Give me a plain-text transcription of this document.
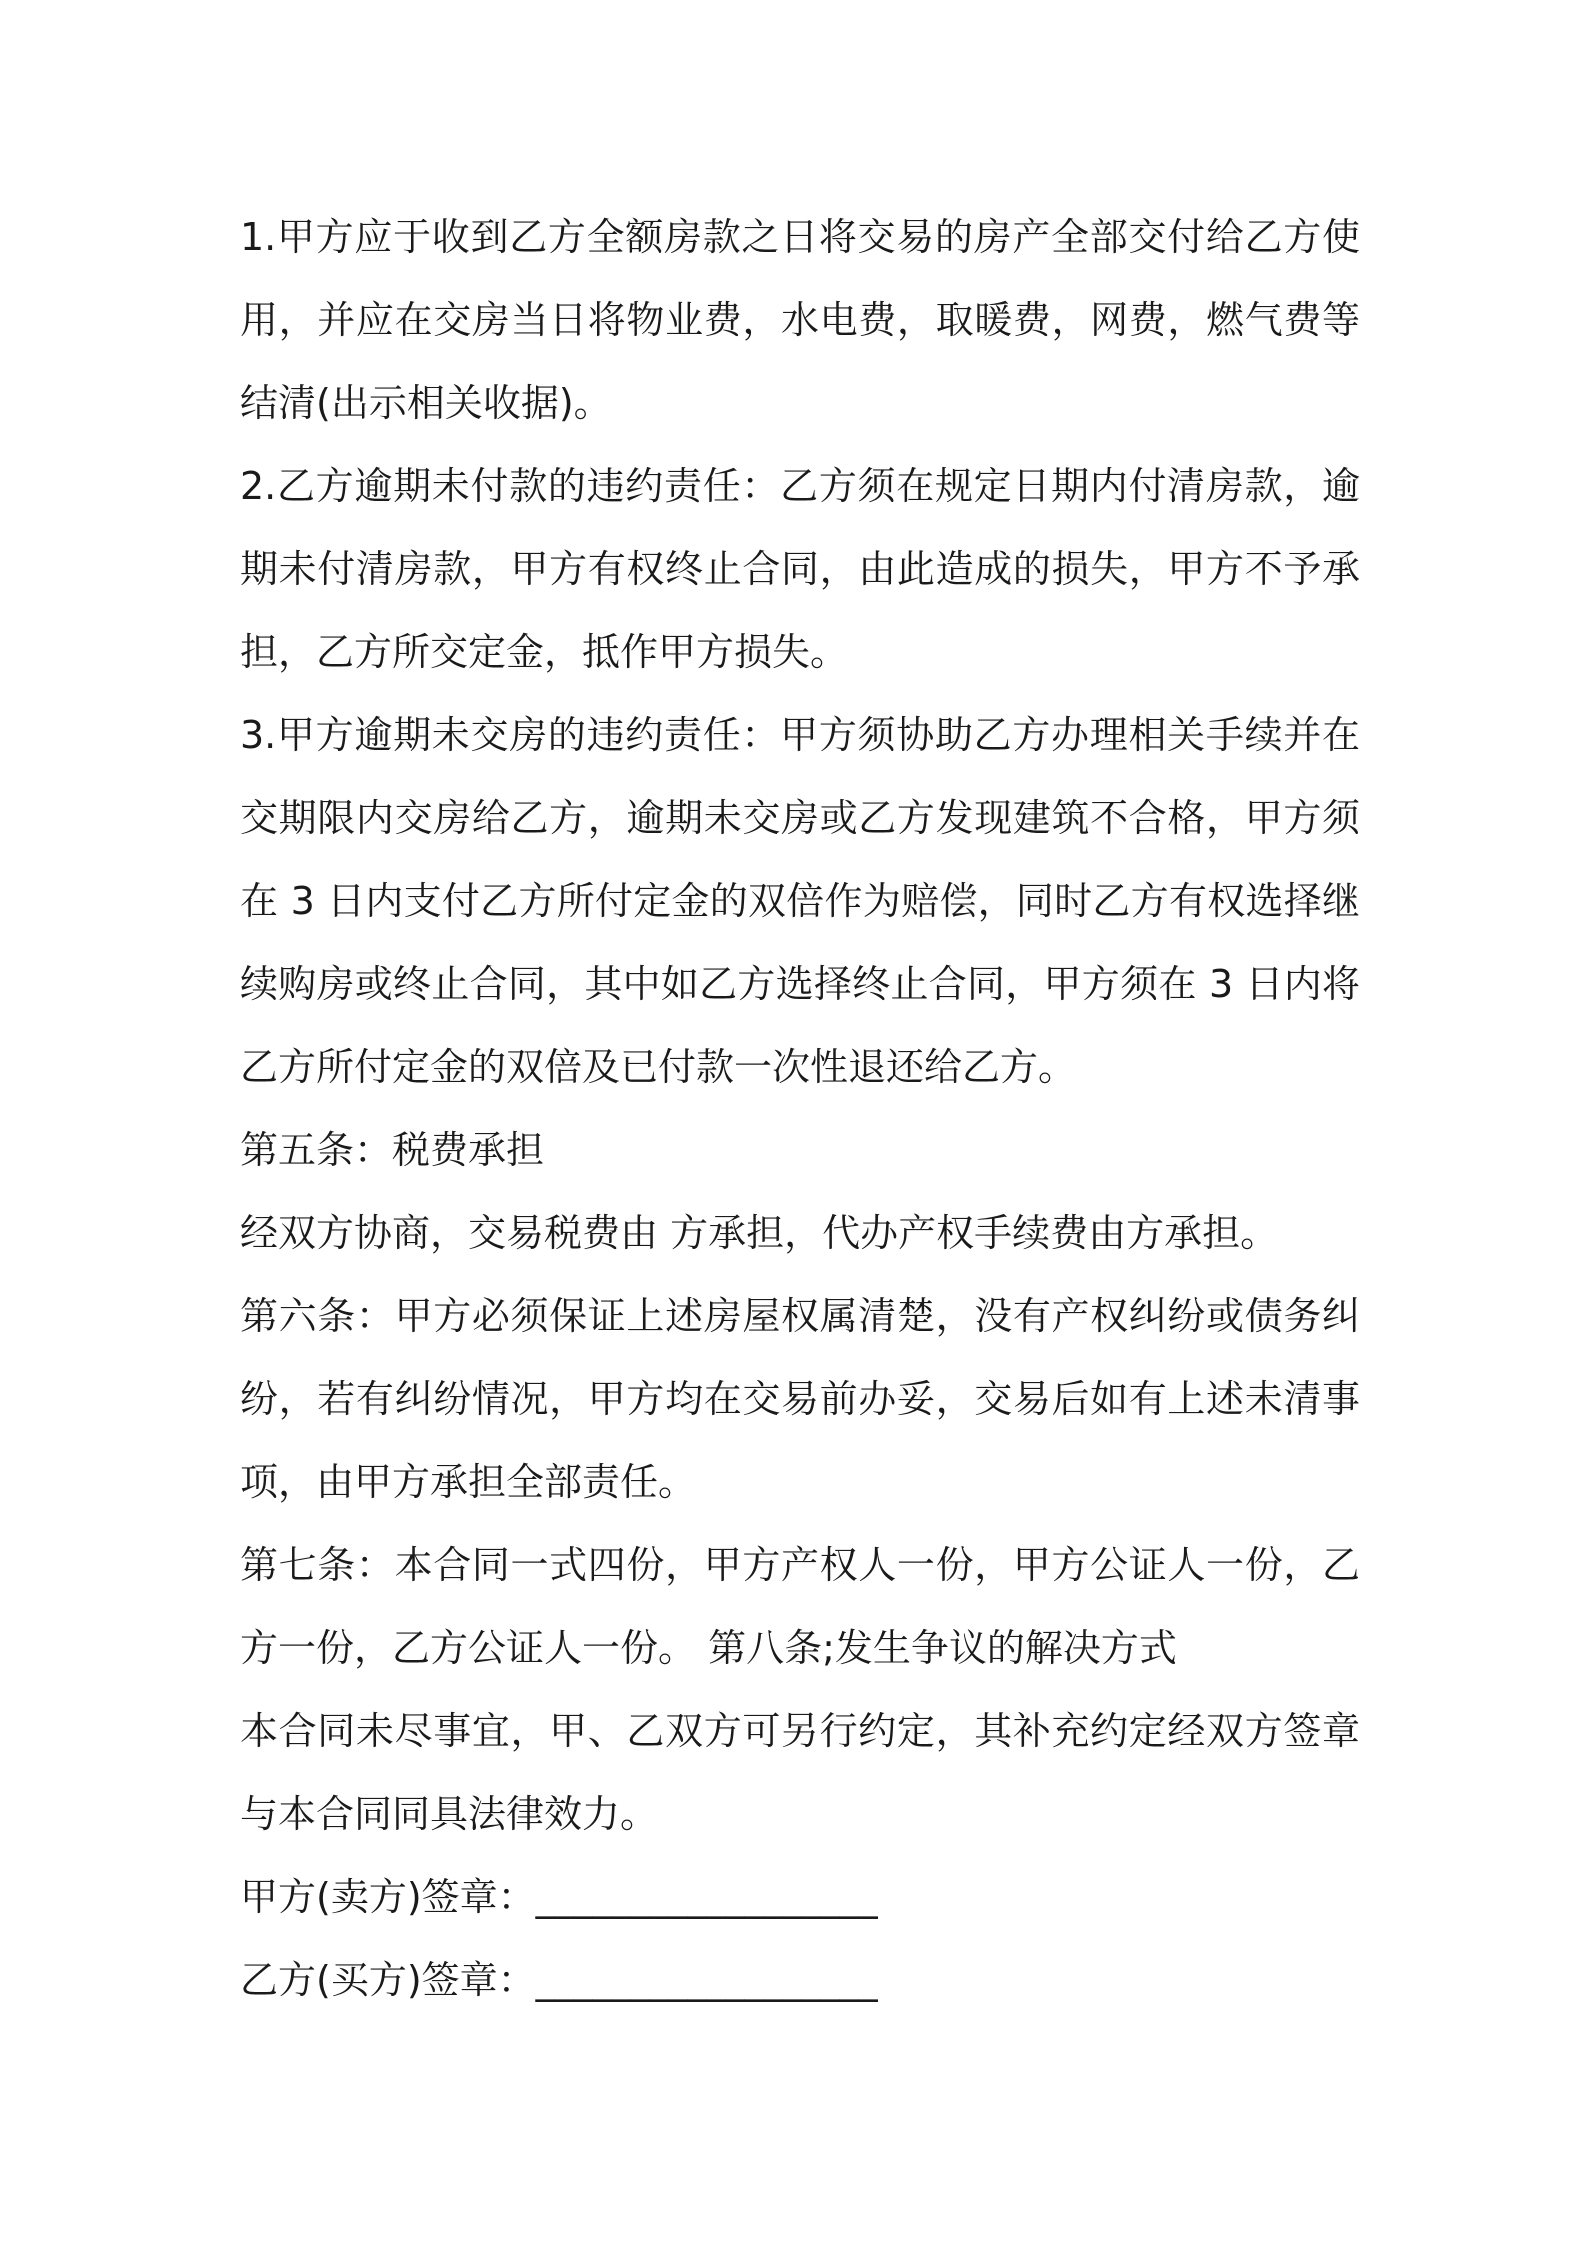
1.甲方应于收到乙方全额房款之日将交易的房产全部交付给乙方使用，并应在交房当日将物业费，水电费，取暖费，网费，燃气费等结清(出示相关收据)。

2.乙方逾期未付款的违约责任：乙方须在规定日期内付清房款，逾期未付清房款，甲方有权终止合同，由此造成的损失，甲方不予承担，乙方所交定金，抵作甲方损失。

3.甲方逾期未交房的违约责任：甲方须协助乙方办理相关手续并在交期限内交房给乙方，逾期未交房或乙方发现建筑不合格，甲方须在 3 日内支付乙方所付定金的双倍作为赔偿，同时乙方有权选择继续购房或终止合同，其中如乙方选择终止合同，甲方须在 3 日内将乙方所付定金的双倍及已付款一次性退还给乙方。

第五条：税费承担

经双方协商，交易税费由 方承担，代办产权手续费由方承担。

第六条：甲方必须保证上述房屋权属清楚，没有产权纠纷或债务纠纷，若有纠纷情况，甲方均在交易前办妥，交易后如有上述未清事项，由甲方承担全部责任。

第七条：本合同一式四份，甲方产权人一份，甲方公证人一份，乙方一份，乙方公证人一份。 第八条;发生争议的解决方式

本合同未尽事宜，甲、乙双方可另行约定，其补充约定经双方签章与本合同同具法律效力。

甲方(卖方)签章：__________________

乙方(买方)签章：__________________
